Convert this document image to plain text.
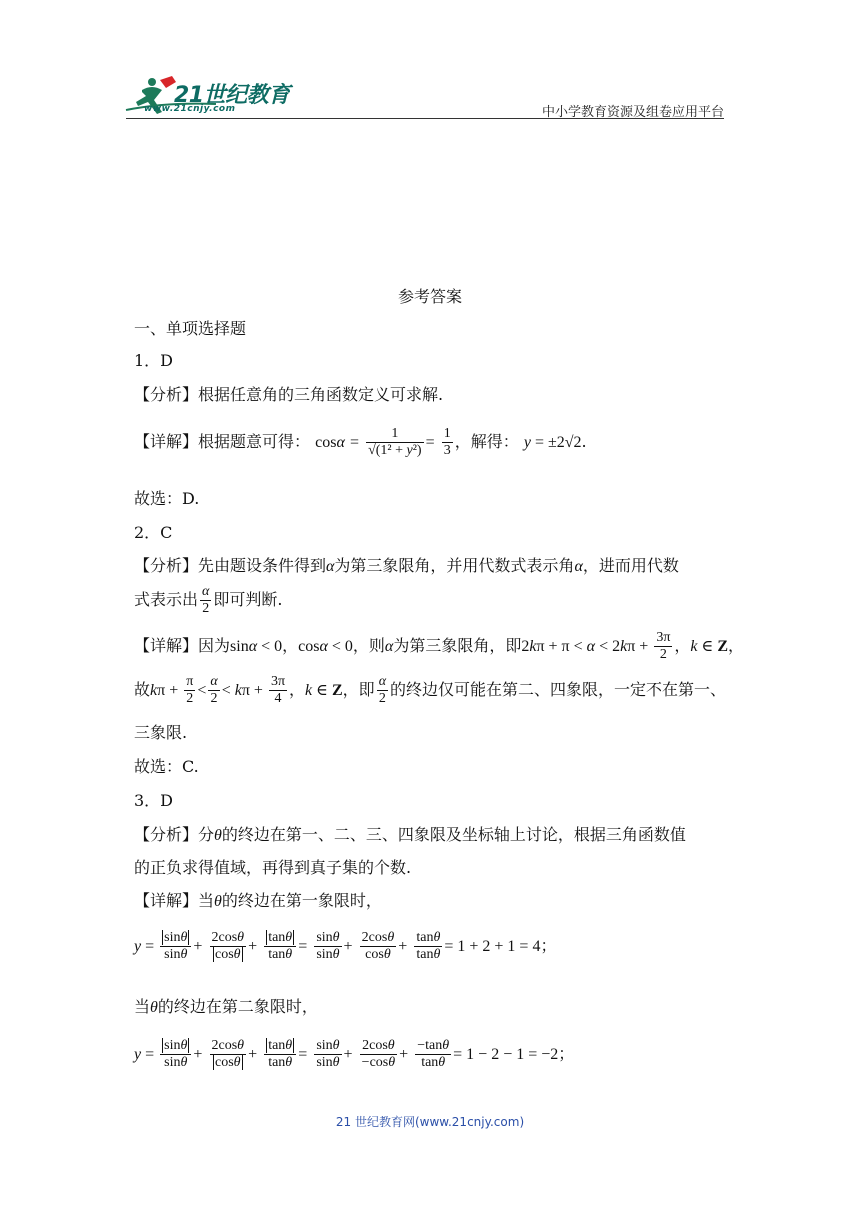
21世纪教育
www.21cnjy.com	中小学教育资源及组卷应用平台
参考答案
一、单项选择题
1．D
【分析】根据任意角的三角函数定义可求解.
【详解】根据题意可得： $\cos\alpha = \frac{1}{\text{√(1² + y²)}} = \frac{1}{3}$ ，解得： y = ±2√2.
故选：D.
2．C
【分析】先由题设条件得到α为第三象限角，并用代数式表示角α，进而用代数
式表示出 $\frac{\alpha}{2}$ 即可判断.
【详解】因为sinα < 0，cosα < 0，则α为第三象限角，即$2k\pi + \pi < \alpha < 2k\pi + \frac{3\pi}{2}$ ，k ∈ Z，
故$k\pi + \frac{\pi}{2} < \frac{\alpha}{2} < k\pi + \frac{3\pi}{4}$ ，k ∈ Z，即 $\frac{\alpha}{2}$ 的终边仅可能在第二、四象限，一定不在第一、
三象限.
故选：C.
3．D
【分析】分θ的终边在第一、二、三、四象限及坐标轴上讨论，根据三角函数值
的正负求得值域，再得到真子集的个数.
【详解】当θ的终边在第一象限时，
$y = \frac{\sin\theta}{\sin\theta} + \frac{2\cos\theta}{\cos\theta} + \frac{\tan\theta}{\tan\theta} = \frac{\sin\theta}{\sin\theta} + \frac{2\cos\theta}{\cos\theta} + \frac{\tan\theta}{\tan\theta} = 1 + 2 + 1 = 4$；
当θ的终边在第二象限时，
$y = \frac{\sin\theta}{\sin\theta} + \frac{2\cos\theta}{\cos\theta} + \frac{\tan\theta}{\tan\theta} = \frac{\sin\theta}{\sin\theta} + \frac{2\cos\theta}{-\cos\theta} + \frac{-\tan\theta}{\tan\theta} = 1 - 2 - 1 = -2$；
21 世纪教育网(www.21cnjy.com)
